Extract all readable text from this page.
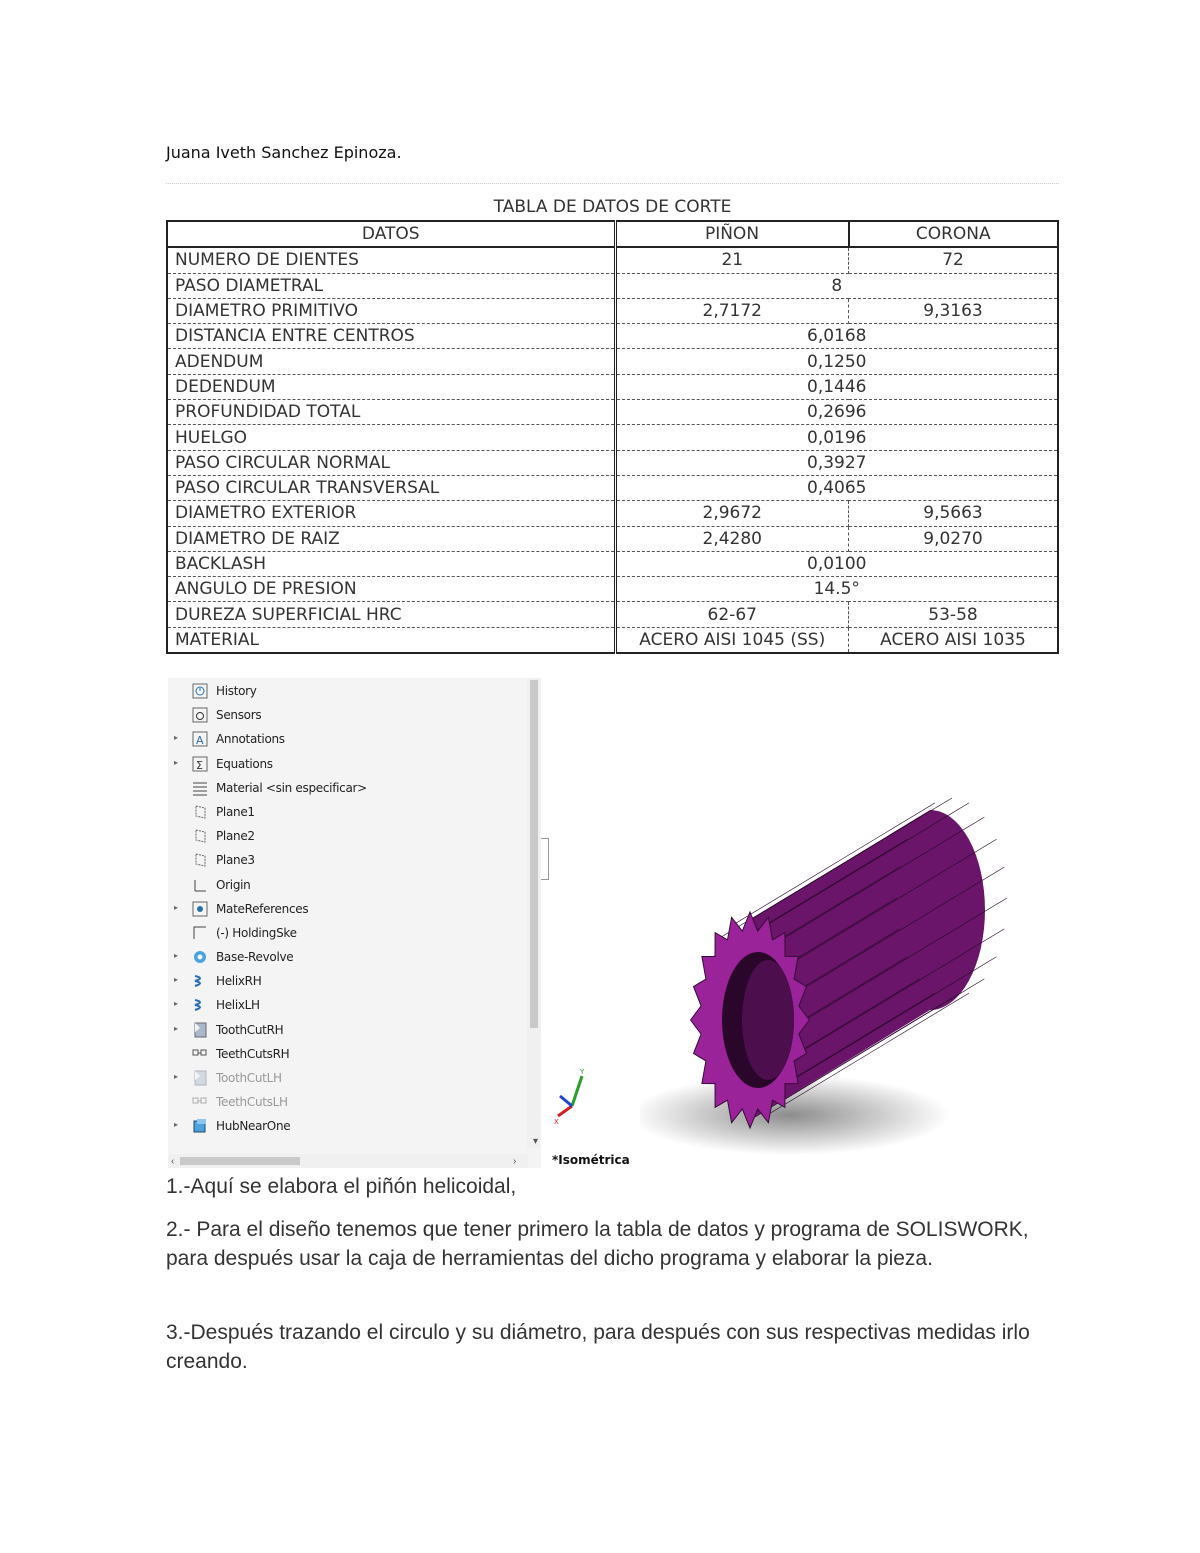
Juana Iveth Sanchez Epinoza.
TABLA DE DATOS DE CORTE
DATOS	PIÑON	CORONA
NUMERO DE DIENTES	21	72
PASO DIAMETRAL	8	
DIAMETRO PRIMITIVO	2,7172	9,3163
DISTANCIA ENTRE CENTROS	6,0168	
ADENDUM	0,1250	
DEDENDUM	0,1446	
PROFUNDIDAD TOTAL	0,2696	
HUELGO	0,0196	
PASO CIRCULAR NORMAL	0,3927	
PASO CIRCULAR TRANSVERSAL	0,4065	
DIAMETRO EXTERIOR	2,9672	9,5663
DIAMETRO DE RAIZ	2,4280	9,0270
BACKLASH	0,0100	
ANGULO DE PRESION	14.5°	
DUREZA SUPERFICIAL HRC	62-67	53-58
MATERIAL	ACERO AISI 1045 (SS)	ACERO AISI 1035
History
Sensors
▸ A Annotations
▸ Σ Equations
Material <sin especificar>
Plane1
Plane2
Plane3
Origin
▸	MateReferences
(-) HoldingSke
▸	Base-Revolve
▸	HelixRH
▸	HelixLH
▸	ToothCutRH
TeethCutsRH
▸	ToothCutLH
TeethCutsLH
▸	HubNearOne
▾
‹	›
Y
X
*Isométrica

1.-Aquí se elabora el piñón helicoidal,

2.- Para el diseño tenemos que tener primero la tabla de datos y programa de SOLISWORK, para después usar la caja de herramientas del dicho programa y elaborar la pieza.

3.-Después trazando el circulo y su diámetro, para después con sus respectivas medidas irlo creando.
